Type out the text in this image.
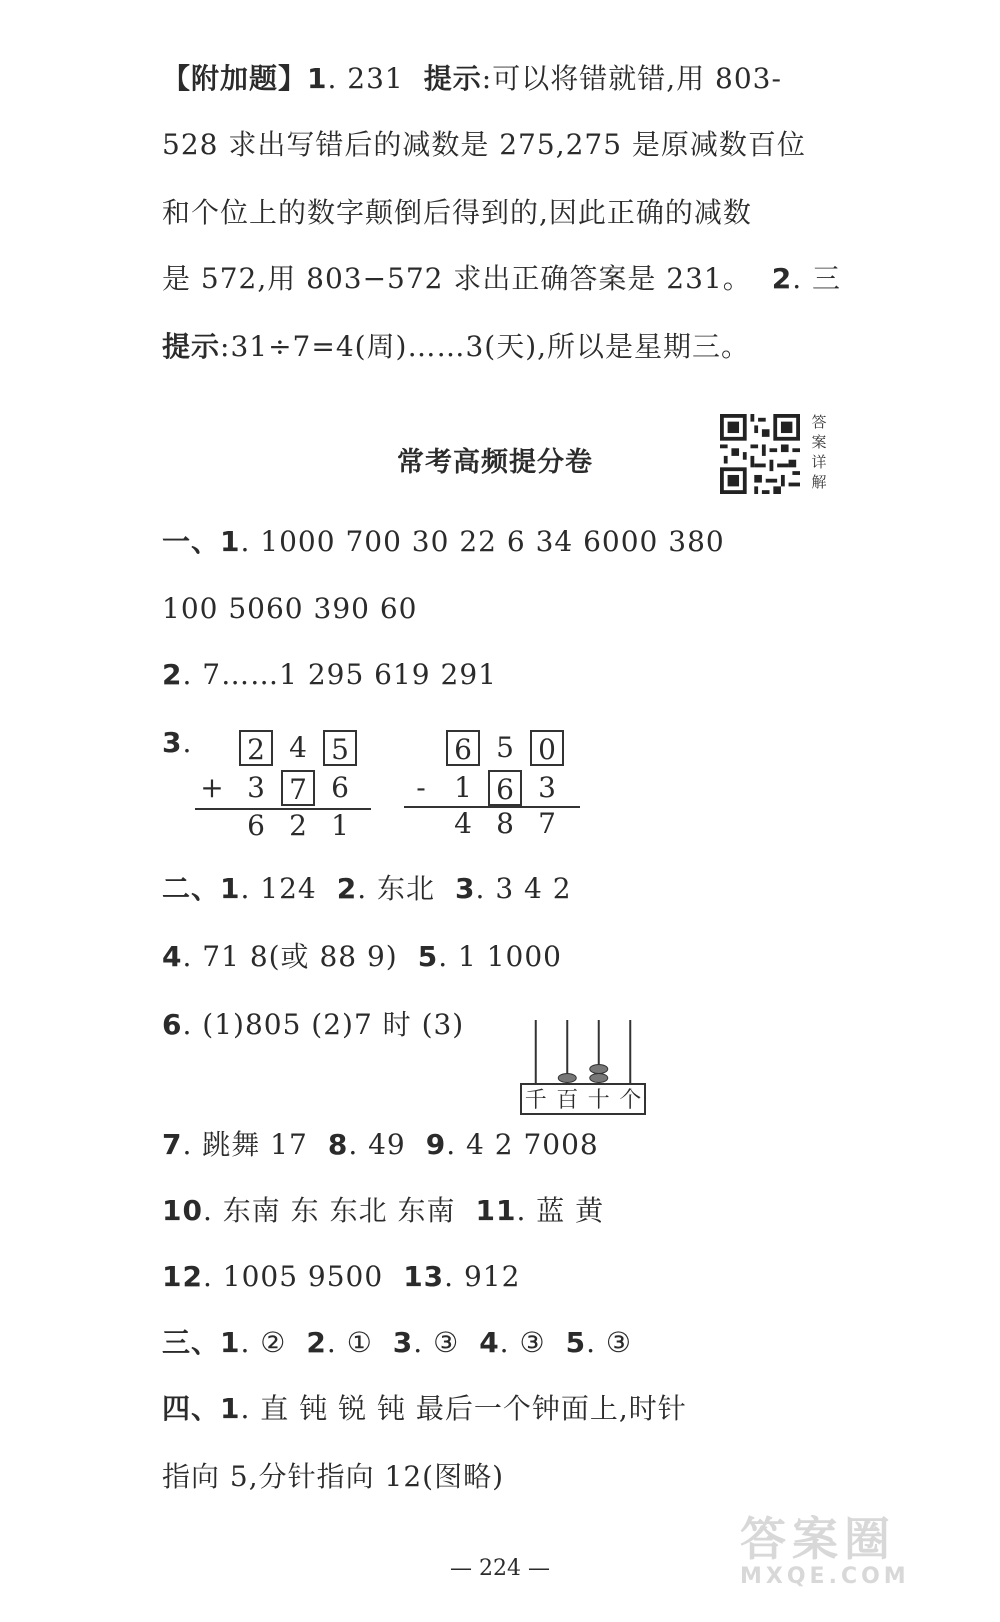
【附加题】1. 231 提示:可以将错就错,用 803-
528 求出写错后的减数是 275,275 是原减数百位
和个位上的数字颠倒后得到的,因此正确的减数
是 572,用 803−572 求出正确答案是 231。 2. 三
提示:31÷7=4(周)……3(天),所以是星期三。
常考高频提分卷
答案详解
一、1. 1000 700 30 22 6 34 6000 380
100 5060 390 60
2. 7……1 295 619 291
3. 2 4 5
+ 3 7 6
6 2 1
6 5 0
-	1 6 3
4 8 7
二、1. 124 2. 东北 3. 3 4 2
4. 71 8(或 88 9) 5. 1 1000
6. (1)805 (2)7 时 (3)
千 百 十 个
7. 跳舞 17 8. 49 9. 4 2 7008
10. 东南 东 东北 东南 11. 蓝 黄
12. 1005 9500 13. 912
三、1. ② 2. ① 3. ③ 4. ③ 5. ③
四、1. 直 钝 锐 钝 最后一个钟面上,时针
指向 5,分针指向 12(图略)
— 224 —
答案圈
MXQE.COM
